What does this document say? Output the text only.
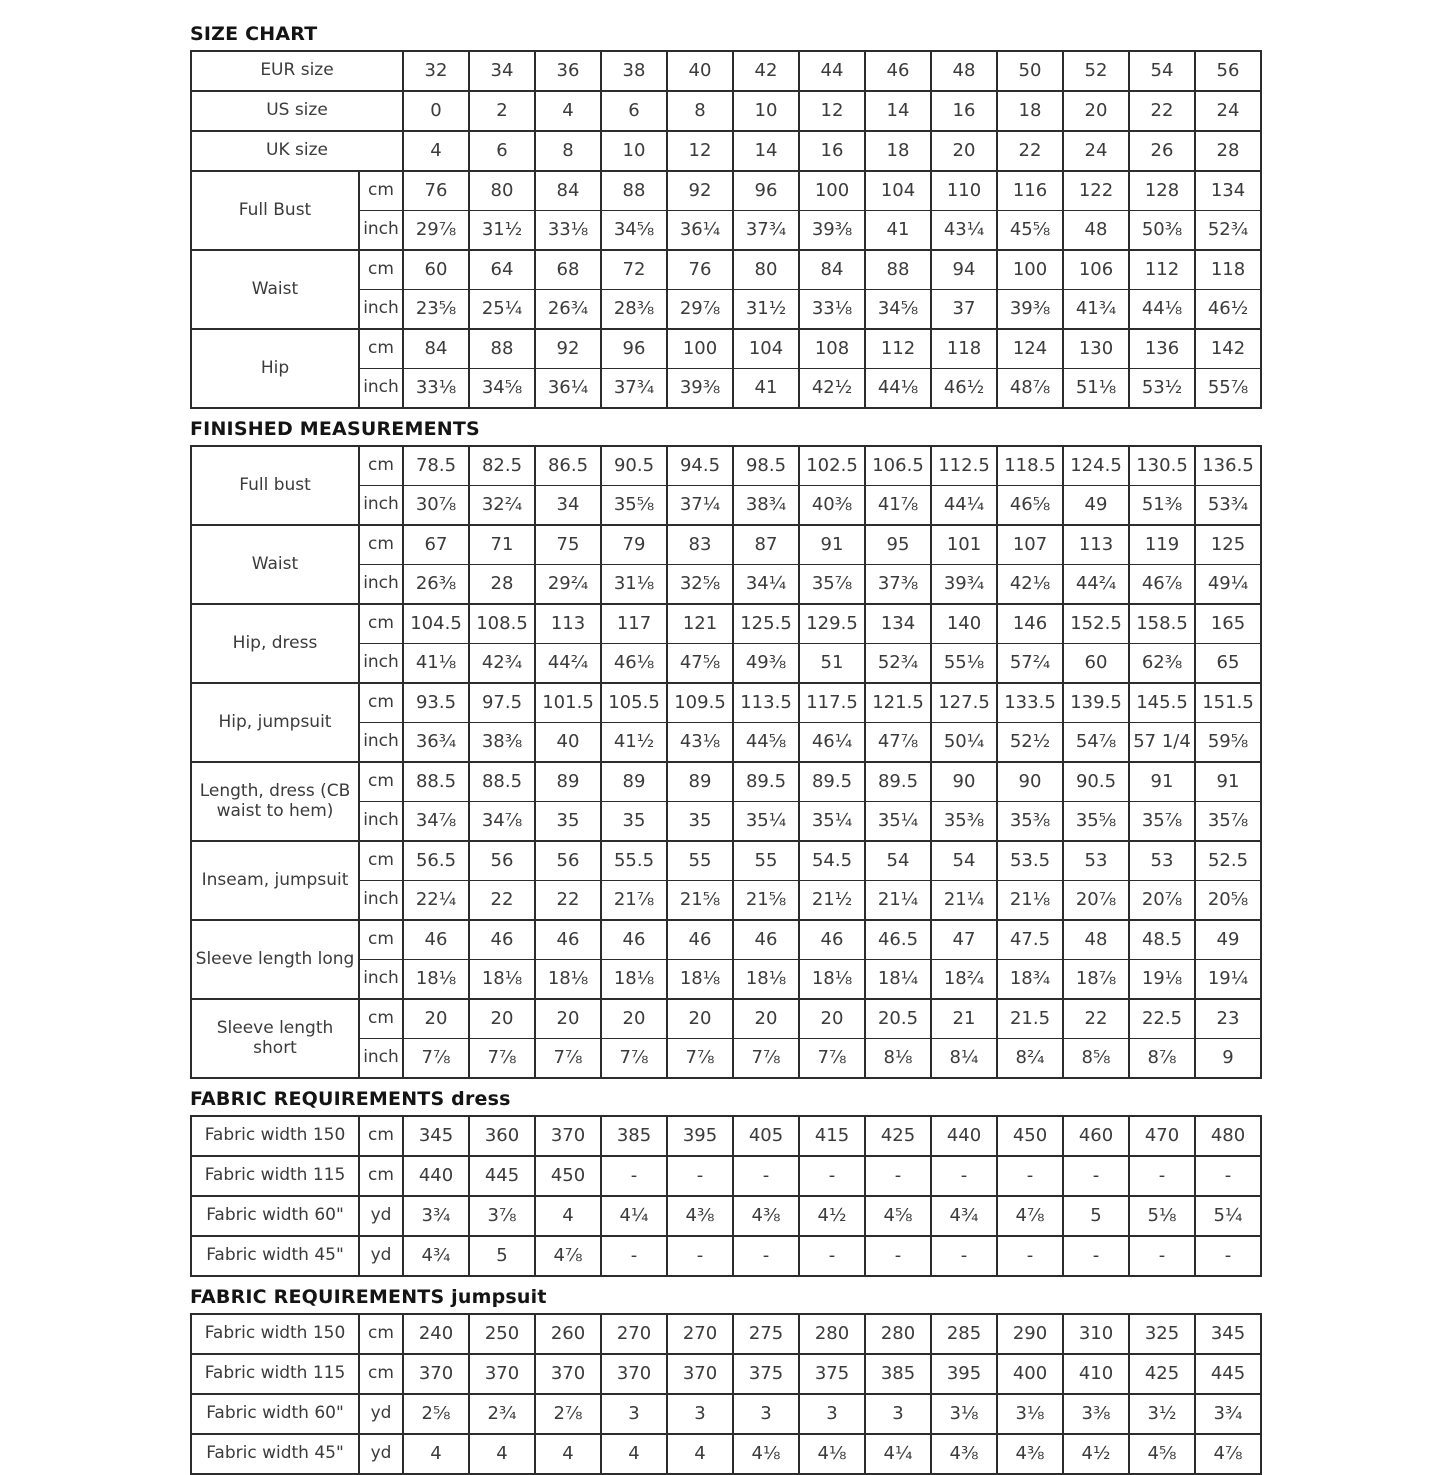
SIZE CHART
EUR size		32	34	36	38	40	42	44	46	48	50	52	54	56
US size		0	2	4	6	8	10	12	14	16	18	20	22	24
UK size		4	6	8	10	12	14	16	18	20	22	24	26	28
Full Bust	cm	76	80	84	88	92	96	100	104	110	116	122	128	134
	inch	29⅞	31½	33⅛	34⅝	36¼	37¾	39⅜	41	43¼	45⅝	48	50⅜	52¾
Waist	cm	60	64	68	72	76	80	84	88	94	100	106	112	118
	inch	23⅝	25¼	26¾	28⅜	29⅞	31½	33⅛	34⅝	37	39⅜	41¾	44⅛	46½
Hip	cm	84	88	92	96	100	104	108	112	118	124	130	136	142
	inch	33⅛	34⅝	36¼	37¾	39⅜	41	42½	44⅛	46½	48⅞	51⅛	53½	55⅞
FINISHED MEASUREMENTS
Full bust	cm	78.5	82.5	86.5	90.5	94.5	98.5	102.5	106.5	112.5	118.5	124.5	130.5	136.5
	inch	30⅞	32²⁄₄	34	35⅝	37¼	38¾	40⅜	41⅞	44¼	46⅝	49	51⅜	53¾
Waist	cm	67	71	75	79	83	87	91	95	101	107	113	119	125
	inch	26⅜	28	29²⁄₄	31⅛	32⅝	34¼	35⅞	37⅜	39¾	42⅛	44²⁄₄	46⅞	49¼
Hip, dress	cm	104.5	108.5	113	117	121	125.5	129.5	134	140	146	152.5	158.5	165
	inch	41⅛	42¾	44²⁄₄	46⅛	47⅝	49⅜	51	52¾	55⅛	57²⁄₄	60	62⅜	65
Hip, jumpsuit	cm	93.5	97.5	101.5	105.5	109.5	113.5	117.5	121.5	127.5	133.5	139.5	145.5	151.5
	inch	36¾	38⅜	40	41½	43⅛	44⅝	46¼	47⅞	50¼	52½	54⅞	57 1/4	59⅝
Length, dress (CB waist to hem)	cm	88.5	88.5	89	89	89	89.5	89.5	89.5	90	90	90.5	91	91
	inch	34⅞	34⅞	35	35	35	35¼	35¼	35¼	35⅜	35⅜	35⅝	35⅞	35⅞
Inseam, jumpsuit	cm	56.5	56	56	55.5	55	55	54.5	54	54	53.5	53	53	52.5
	inch	22¼	22	22	21⅞	21⅝	21⅝	21½	21¼	21¼	21⅛	20⅞	20⅞	20⅝
Sleeve length long	cm	46	46	46	46	46	46	46	46.5	47	47.5	48	48.5	49
	inch	18⅛	18⅛	18⅛	18⅛	18⅛	18⅛	18⅛	18¼	18²⁄₄	18¾	18⅞	19⅛	19¼
Sleeve length short	cm	20	20	20	20	20	20	20	20.5	21	21.5	22	22.5	23
	inch	7⅞	7⅞	7⅞	7⅞	7⅞	7⅞	7⅞	8⅛	8¼	8²⁄₄	8⅝	8⅞	9
FABRIC REQUIREMENTS dress
Fabric width 150	cm	345	360	370	385	395	405	415	425	440	450	460	470	480
Fabric width 115	cm	440	445	450	-	-	-	-	-	-	-	-	-	-
Fabric width 60"	yd	3¾	3⅞	4	4¼	4⅜	4⅜	4½	4⅝	4¾	4⅞	5	5⅛	5¼
Fabric width 45"	yd	4¾	5	4⅞	-	-	-	-	-	-	-	-	-	-
FABRIC REQUIREMENTS jumpsuit
Fabric width 150	cm	240	250	260	270	270	275	280	280	285	290	310	325	345
Fabric width 115	cm	370	370	370	370	370	375	375	385	395	400	410	425	445
Fabric width 60"	yd	2⅝	2¾	2⅞	3	3	3	3	3	3⅛	3⅛	3⅜	3½	3¾
Fabric width 45"	yd	4	4	4	4	4	4⅛	4⅛	4¼	4⅜	4⅜	4½	4⅝	4⅞
